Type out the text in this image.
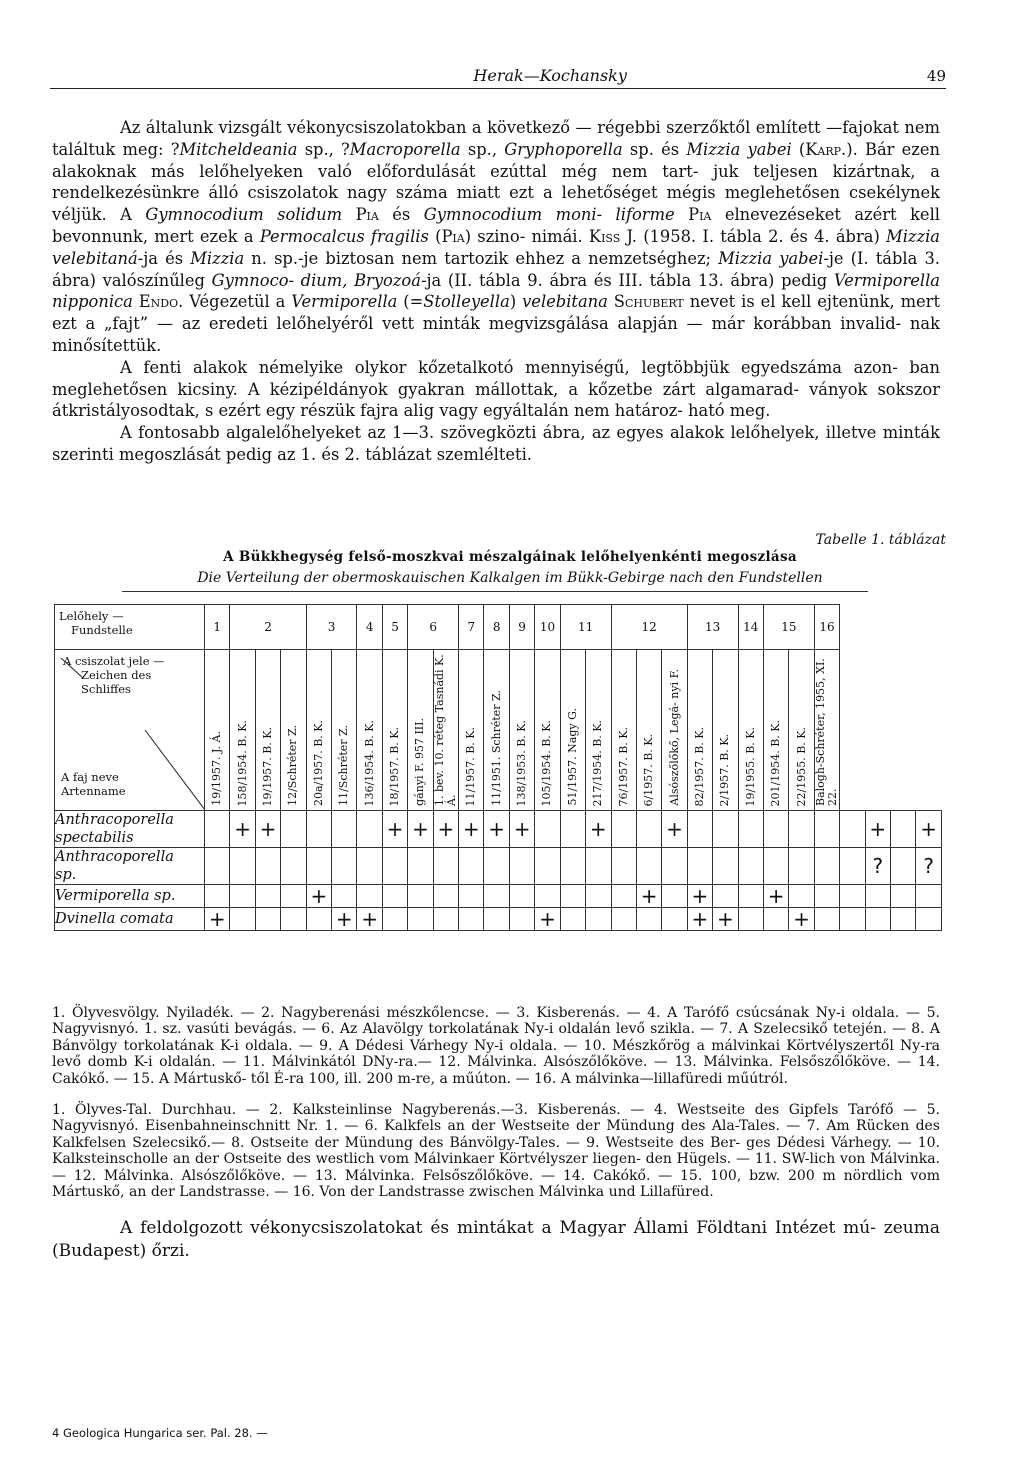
Herak—Kochansky	49

Az általunk vizsgált vékonycsiszolatokban a következő — régebbi szerzőktől említett —fajokat nem találtuk meg: ?Mitcheldeania sp., ?Macroporella sp., Gryphoporella sp. és Mizzia yabei (Karp.). Bár ezen alakoknak más lelőhelyeken való előfordulását ezúttal még nem tart- juk teljesen kizártnak, a rendelkezésünkre álló csiszolatok nagy száma miatt ezt a lehetőséget mégis meglehetősen csekélynek véljük. A Gymnocodium solidum Pia és Gymnocodium moni- liforme Pia elnevezéseket azért kell bevonnunk, mert ezek a Permocalcus fragilis (Pia) szino- nimái. Kiss J. (1958. I. tábla 2. és 4. ábra) Mizzia velebitaná-ja és Mizzia n. sp.-je biztosan nem tartozik ehhez a nemzetséghez; Mizzia yabei-je (I. tábla 3. ábra) valószínűleg Gymnoco- dium, Bryozoá-ja (II. tábla 9. ábra és III. tábla 13. ábra) pedig Vermiporella nipponica Endo. Végezetül a Vermiporella (=Stolleyella) velebitana Schubert nevet is el kell ejtenünk, mert ezt a „fajt” — az eredeti lelőhelyéről vett minták megvizsgálása alapján — már korábban invalid- nak minősítettük.

A fenti alakok némelyike olykor kőzetalkotó mennyiségű, legtöbbjük egyedszáma azon- ban meglehetősen kicsiny. A kézipéldányok gyakran mállottak, a kőzetbe zárt algamarad- ványok sokszor átkristályosodtak, s ezért egy részük fajra alig vagy egyáltalán nem határoz- ható meg.

A fontosabb algalelőhelyeket az 1—3. szövegközti ábra, az egyes alakok lelőhelyek, illetve minták szerinti megoszlását pedig az 1. és 2. táblázat szemlélteti.

Tabelle 1. táblázat
A Bükkhegység felső-moszkvai mészalgáinak lelőhelyenkénti megoszlása
Die Verteilung der obermoskauischen Kalkalgen im Bükk-Gebirge nach den Fundstellen
Lelőhely —
Fundstelle	1	2			3		4	5	6		7	8	9	10	11		12			13		14	15		16				

A csiszolat jele —
Zeichen des
Schliffes
A faj neve
Artenname	19/1957. J. Á.	158/1954. B. K.	19/1957. B. K.	12/Schréter Z.	20a/1957. B. K.	11/Schréter Z.	136/1954. B. K.	18/1957. B. K.	gányi F. 957 III.	1. bev. 10. réteg Tasnádi K. Á.	11/1957. B. K.	11/1951. Schréter Z.	138/1953. B. K.	105/1954. B. K.	51/1957. Nagy G.	217/1954. B. K.	76/1957. B. K.	6/1957. B. K.	Alsószőlőkő, Legá- nyi F.	82/1957. B. K.	2/1957. B. K.	19/1955. B. K.	201/1954. B. K.	22/1955. B. K.	Balogh-Schréter, 1955, XI. 22.				

Anthracoporella
spectabilis		+	+					+	+	+	+	+	+			+			+								+		+

Anthracoporella
sp.																											?		?

Vermiporella sp.					+													+		+			+						

Dvinella comata	+					+	+							+						+	+			+					
1. Ölyvesvölgy. Nyiladék. — 2. Nagyberenási mészkőlencse. — 3. Kisberenás. — 4. A Tarófő csúcsának Ny-i oldala. — 5. Nagyvisnyó. 1. sz. vasúti bevágás. — 6. Az Alavölgy torkolatának Ny-i oldalán levő szikla. — 7. A Szelecsikő tetején. — 8. A Bánvölgy torkolatának K-i oldala. — 9. A Dédesi Várhegy Ny-i oldala. — 10. Mészkőrög a málvinkai Körtvélyszertől Ny-ra levő domb K-i oldalán. — 11. Málvinkától DNy-ra.— 12. Málvinka. Alsószőlőköve. — 13. Málvinka. Felsőszőlőköve. — 14. Cakókő. — 15. A Mártuskő- től É-ra 100, ill. 200 m-re, a műúton. — 16. A málvinka—lillafüredi műútról.
1. Ölyves-Tal. Durchhau. — 2. Kalksteinlinse Nagyberenás.—3. Kisberenás. — 4. Westseite des Gipfels Tarófő — 5. Nagyvisnyó. Eisenbahneinschnitt Nr. 1. — 6. Kalkfels an der Westseite der Mündung des Ala-Tales. — 7. Am Rücken des Kalkfelsen Szelecsikő.— 8. Ostseite der Mündung des Bánvölgy-Tales. — 9. Westseite des Ber- ges Dédesi Várhegy. — 10. Kalksteinscholle an der Ostseite des westlich vom Málvinkaer Körtvélyszer liegen- den Hügels. — 11. SW-lich von Málvinka. — 12. Málvinka. Alsószőlőköve. — 13. Málvinka. Felsőszőlőköve. — 14. Cakókő. — 15. 100, bzw. 200 m nördlich vom Mártuskő, an der Landstrasse. — 16. Von der Landstrasse zwischen Málvinka und Lillafüred.

A feldolgozott vékonycsiszolatokat és mintákat a Magyar Állami Földtani Intézet mú- zeuma (Budapest) őrzi.

4 Geologica Hungarica ser. Pal. 28. —
